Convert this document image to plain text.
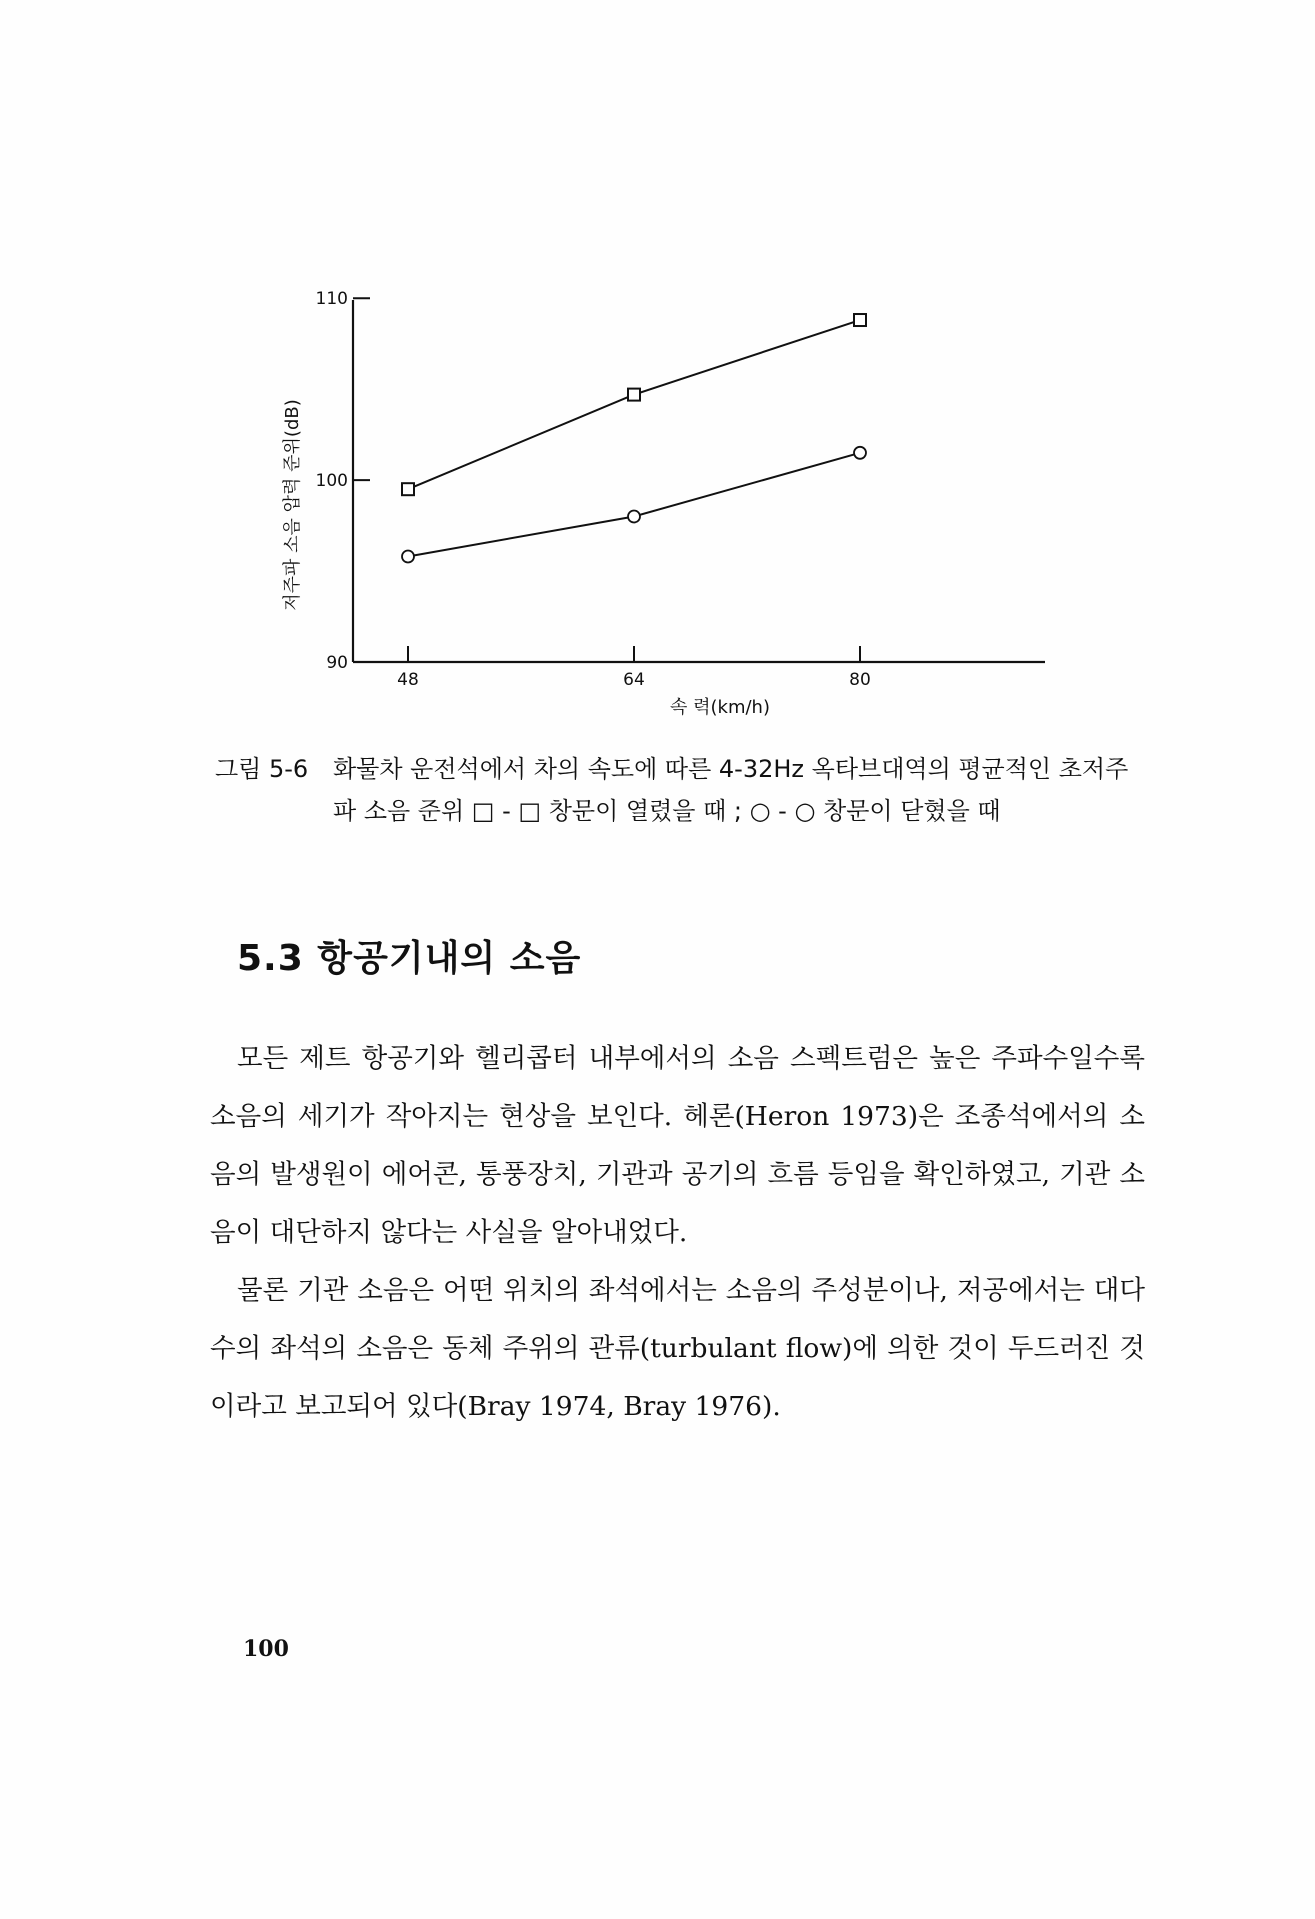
저주파 소음 압력 준위(dB)
90
100
110
48	64	80
속 력(km/h)
그림 5-6 화물차 운전석에서 차의 속도에 따른 4-32Hz 옥타브대역의 평균적인 초저주파 소음 준위 □ - □ 창문이 열렸을 때 ; ○ - ○ 창문이 닫혔을 때
5.3 항공기내의 소음

모든 제트 항공기와 헬리콥터 내부에서의 소음 스펙트럼은 높은 주파수일수록 소음의 세기가 작아지는 현상을 보인다. 헤론(Heron 1973)은 조종석에서의 소음의 발생원이 에어콘, 통풍장치, 기관과 공기의 흐름 등임을 확인하였고, 기관 소음이 대단하지 않다는 사실을 알아내었다.

물론 기관 소음은 어떤 위치의 좌석에서는 소음의 주성분이나, 저공에서는 대다수의 좌석의 소음은 동체 주위의 관류(turbulant flow)에 의한 것이 두드러진 것이라고 보고되어 있다(Bray 1974, Bray 1976).

100
